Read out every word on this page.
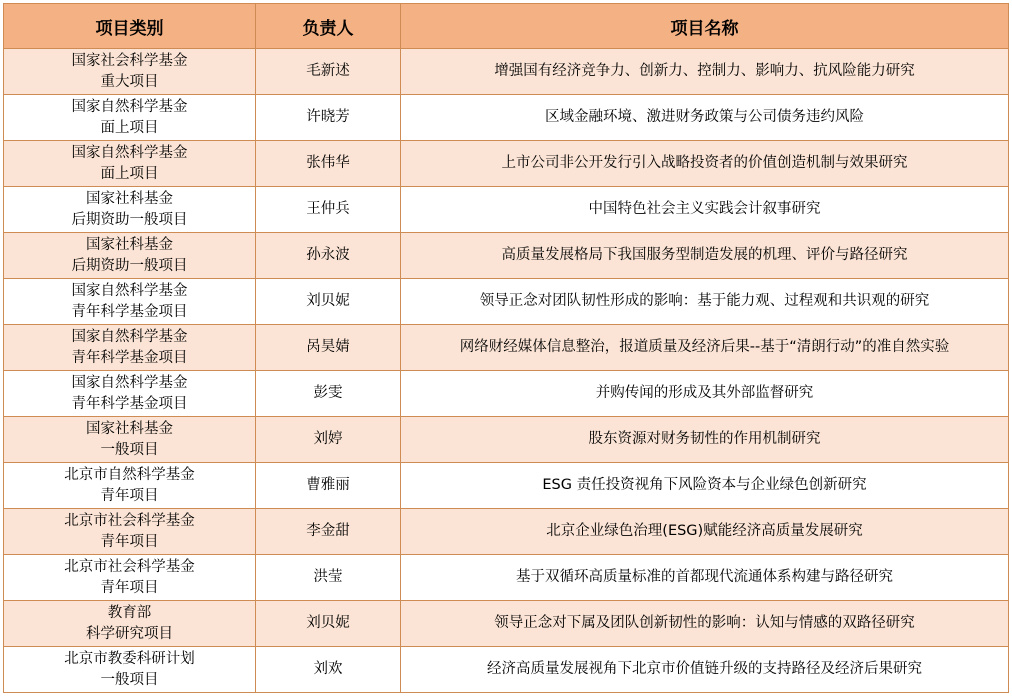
项目类别	负责人	项目名称

国家社会科学基金
重大项目	毛新述	增强国有经济竞争力、创新力、控制力、影响力、抗风险能力研究

国家自然科学基金
面上项目	许晓芳	区域金融环境、激进财务政策与公司债务违约风险

国家自然科学基金
面上项目	张伟华	上市公司非公开发行引入战略投资者的价值创造机制与效果研究

国家社科基金
后期资助一般项目	王仲兵	中国特色社会主义实践会计叙事研究

国家社科基金
后期资助一般项目	孙永波	高质量发展格局下我国服务型制造发展的机理、评价与路径研究

国家自然科学基金
青年科学基金项目	刘贝妮	领导正念对团队韧性形成的影响：基于能力观、过程观和共识观的研究

国家自然科学基金
青年科学基金项目	呙昊婧	网络财经媒体信息整治，报道质量及经济后果--基于“清朗行动”的准自然实验

国家自然科学基金
青年科学基金项目	彭雯	并购传闻的形成及其外部监督研究

国家社科基金
一般项目	刘婷	股东资源对财务韧性的作用机制研究

北京市自然科学基金
青年项目	曹雅丽	ESG 责任投资视角下风险资本与企业绿色创新研究

北京市社会科学基金
青年项目	李金甜	北京企业绿色治理(ESG)赋能经济高质量发展研究

北京市社会科学基金
青年项目	洪莹	基于双循环高质量标准的首都现代流通体系构建与路径研究

教育部
科学研究项目	刘贝妮	领导正念对下属及团队创新韧性的影响：认知与情感的双路径研究

北京市教委科研计划
一般项目	刘欢	经济高质量发展视角下北京市价值链升级的支持路径及经济后果研究
